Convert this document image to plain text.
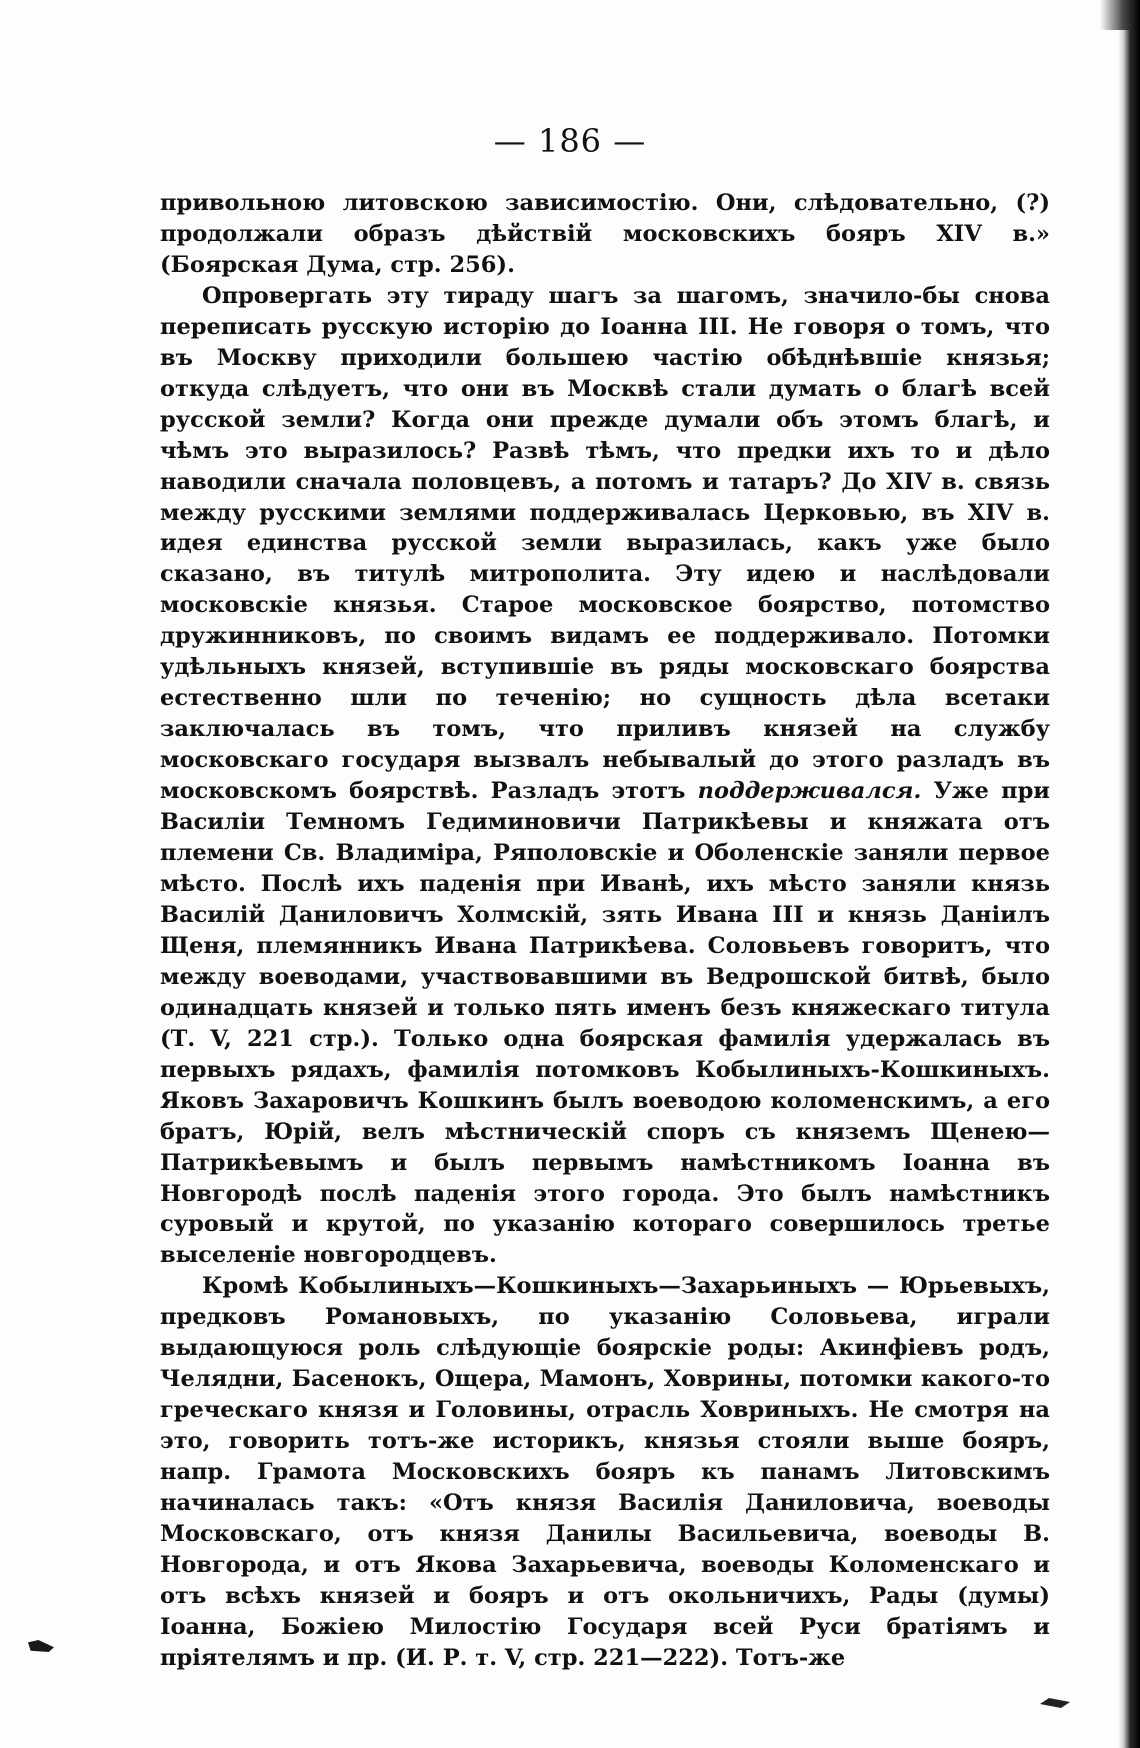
— 186 —

привольною литовскою зависимостію. Они, слѣдовательно, (?) продолжали образъ дѣйствій московскихъ бояръ XIV в.» (Боярская Дума, стр. 256).

Опровергать эту тираду шагъ за шагомъ, значило-бы снова переписать русскую исторію до Іоанна III. Не говоря о томъ, что въ Москву приходили большею частію обѣднѣвшіе князья; откуда слѣдуетъ, что они въ Москвѣ стали думать о благѣ всей русской земли? Когда они прежде думали объ этомъ благѣ, и чѣмъ это выразилось? Развѣ тѣмъ, что предки ихъ то и дѣло наводили сначала половцевъ, а потомъ и татаръ? До XIV в. связь между русскими землями поддерживалась Церковью, въ XIV в. идея единства русской земли выразилась, какъ уже было сказано, въ титулѣ митрополита. Эту идею и наслѣдовали московскіе князья. Старое московское боярство, потомство дружинниковъ, по своимъ видамъ ее поддерживало. Потомки удѣльныхъ князей, вступившіе въ ряды московскаго боярства естественно шли по теченію; но сущность дѣла всетаки заключалась въ томъ, что приливъ князей на службу московскаго государя вызвалъ небывалый до этого разладъ въ московскомъ боярствѣ. Разладъ этотъ поддерживался. Уже при Василіи Темномъ Гедиминовичи Патрикѣевы и княжата отъ племени Св. Владиміра, Ряполовскіе и Оболенскіе заняли первое мѣсто. Послѣ ихъ паденія при Иванѣ, ихъ мѣсто заняли князь Василій Даниловичъ Холмскій, зять Ивана III и князь Даніилъ Щеня, племянникъ Ивана Патрикѣева. Соловьевъ говоритъ, что между воеводами, участвовавшими въ Ведрошской битвѣ, было одинадцать князей и только пять именъ безъ княжескаго титула (Т. V, 221 стр.). Только одна боярская фамилія удержалась въ первыхъ рядахъ, фамилія потомковъ Кобылиныхъ-Кошкиныхъ. Яковъ Захаровичъ Кошкинъ былъ воеводою коломенскимъ, а его братъ, Юрій, велъ мѣстническій споръ съ княземъ Щенею—Патрикѣевымъ и былъ первымъ намѣстникомъ Іоанна въ Новгородѣ послѣ паденія этого города. Это былъ намѣстникъ суровый и крутой, по указанію котораго совершилось третье выселеніе новгородцевъ.

Кромѣ Кобылиныхъ—Кошкиныхъ—Захарьиныхъ — Юрьевыхъ, предковъ Романовыхъ, по указанію Соловьева, играли выдающуюся роль слѣдующіе боярскіе роды: Акинфіевъ родъ, Челядни, Басенокъ, Ощера, Мамонъ, Ховрины, потомки какого-то греческаго князя и Головины, отрасль Ховриныхъ. Не смотря на это, говорить тотъ-же историкъ, князья стояли выше бояръ, напр. Грамота Московскихъ бояръ къ панамъ Литовскимъ начиналась такъ: «Отъ князя Василія Даниловича, воеводы Московскаго, отъ князя Данилы Васильевича, воеводы В. Новгорода, и отъ Якова Захарьевича, воеводы Коломенскаго и отъ всѣхъ князей и бояръ и отъ окольничихъ, Рады (думы) Іоанна, Божіею Милостію Государя всей Руси братіямъ и пріятелямъ и пр. (И. Р. т. V, стр. 221—222). Тотъ-же
